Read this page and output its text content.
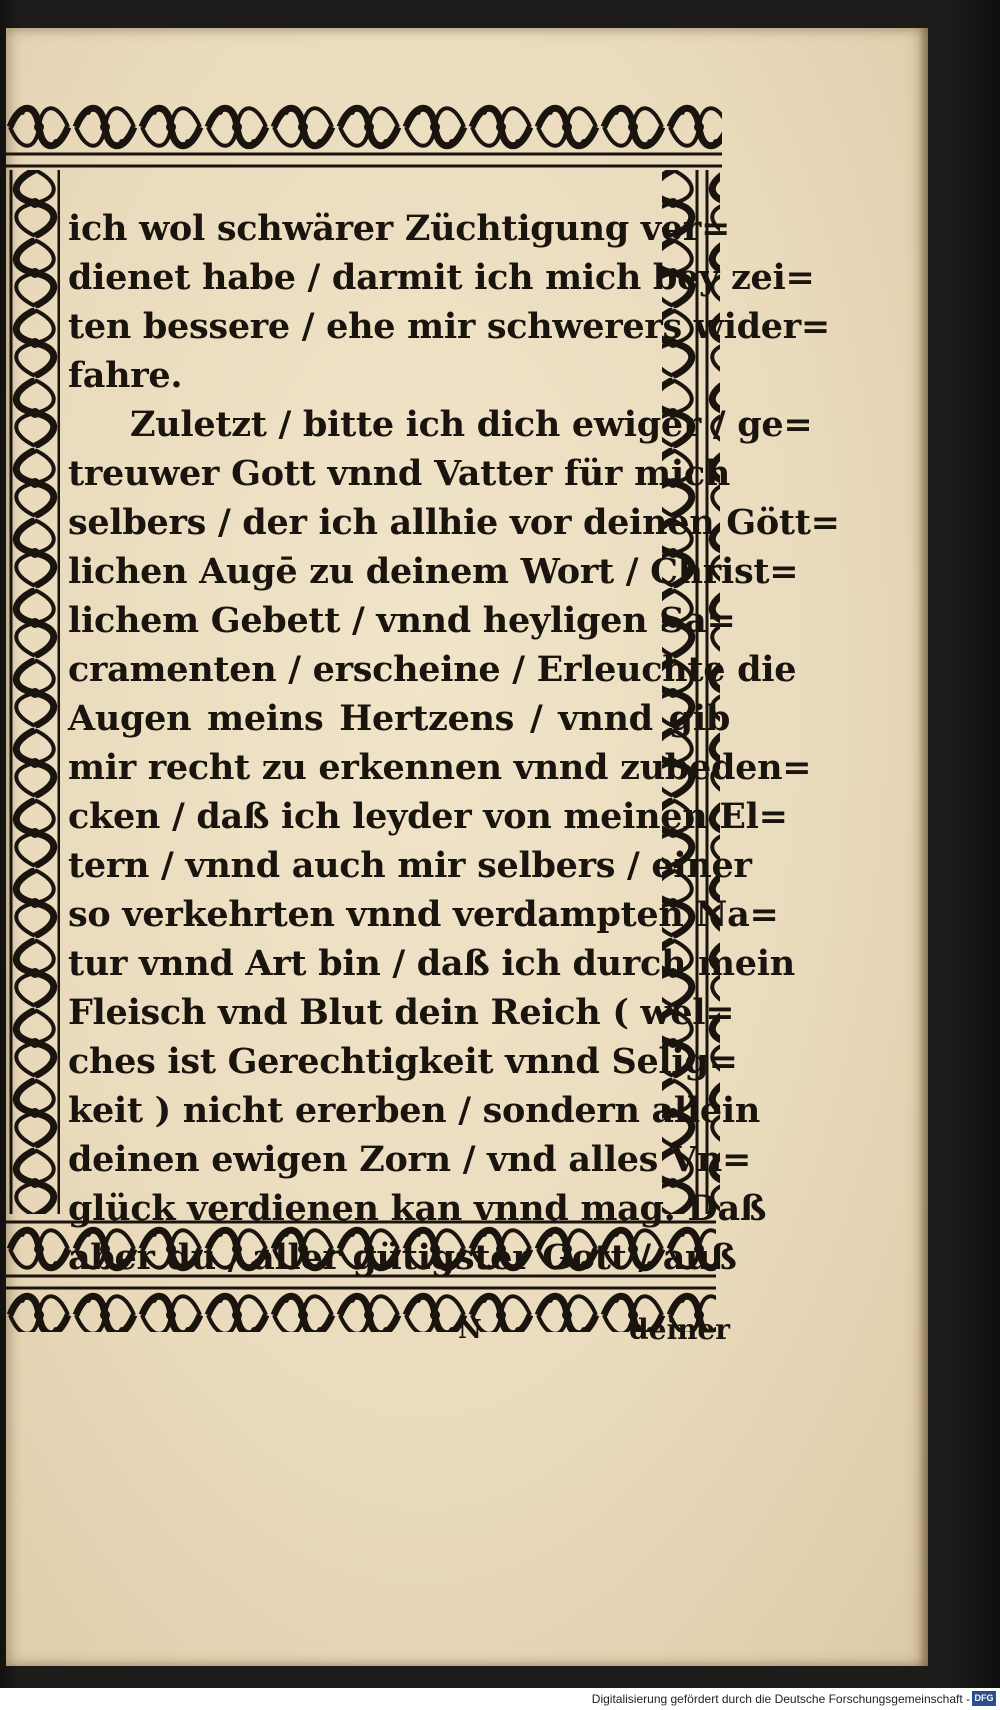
ich wol schwärer Züchtigung ver=
dienet habe / darmit ich mich bey zei=
ten bessere / ehe mir schwerers wider=
fahre.
Zuletzt / bitte ich dich ewiger / ge=
treuwer Gott vnnd Vatter für mich
selbers / der ich allhie vor deinen Gött=
lichen Augē zu deinem Wort / Christ=
lichem Gebett / vnnd heyligen Sa=
cramenten / erscheine / Erleuchte die
Augen meins Hertzens / vnnd gib
mir recht zu erkennen vnnd zubeden=
cken / daß ich leyder von meinen El=
tern / vnnd auch mir selbers / einer
so verkehrten vnnd verdampten Na=
tur vnnd Art bin / daß ich durch mein
Fleisch vnd Blut dein Reich ( wel=
ches ist Gerechtigkeit vnnd Selig=
keit ) nicht ererben / sondern allein
deinen ewigen Zorn / vnd alles Vn=
glück verdienen kan vnnd mag. Daß
aber du / aller gütigster Gott / auß
N	deiner
Digitalisierung gefördert durch die Deutsche Forschungsgemeinschaft - DFG
